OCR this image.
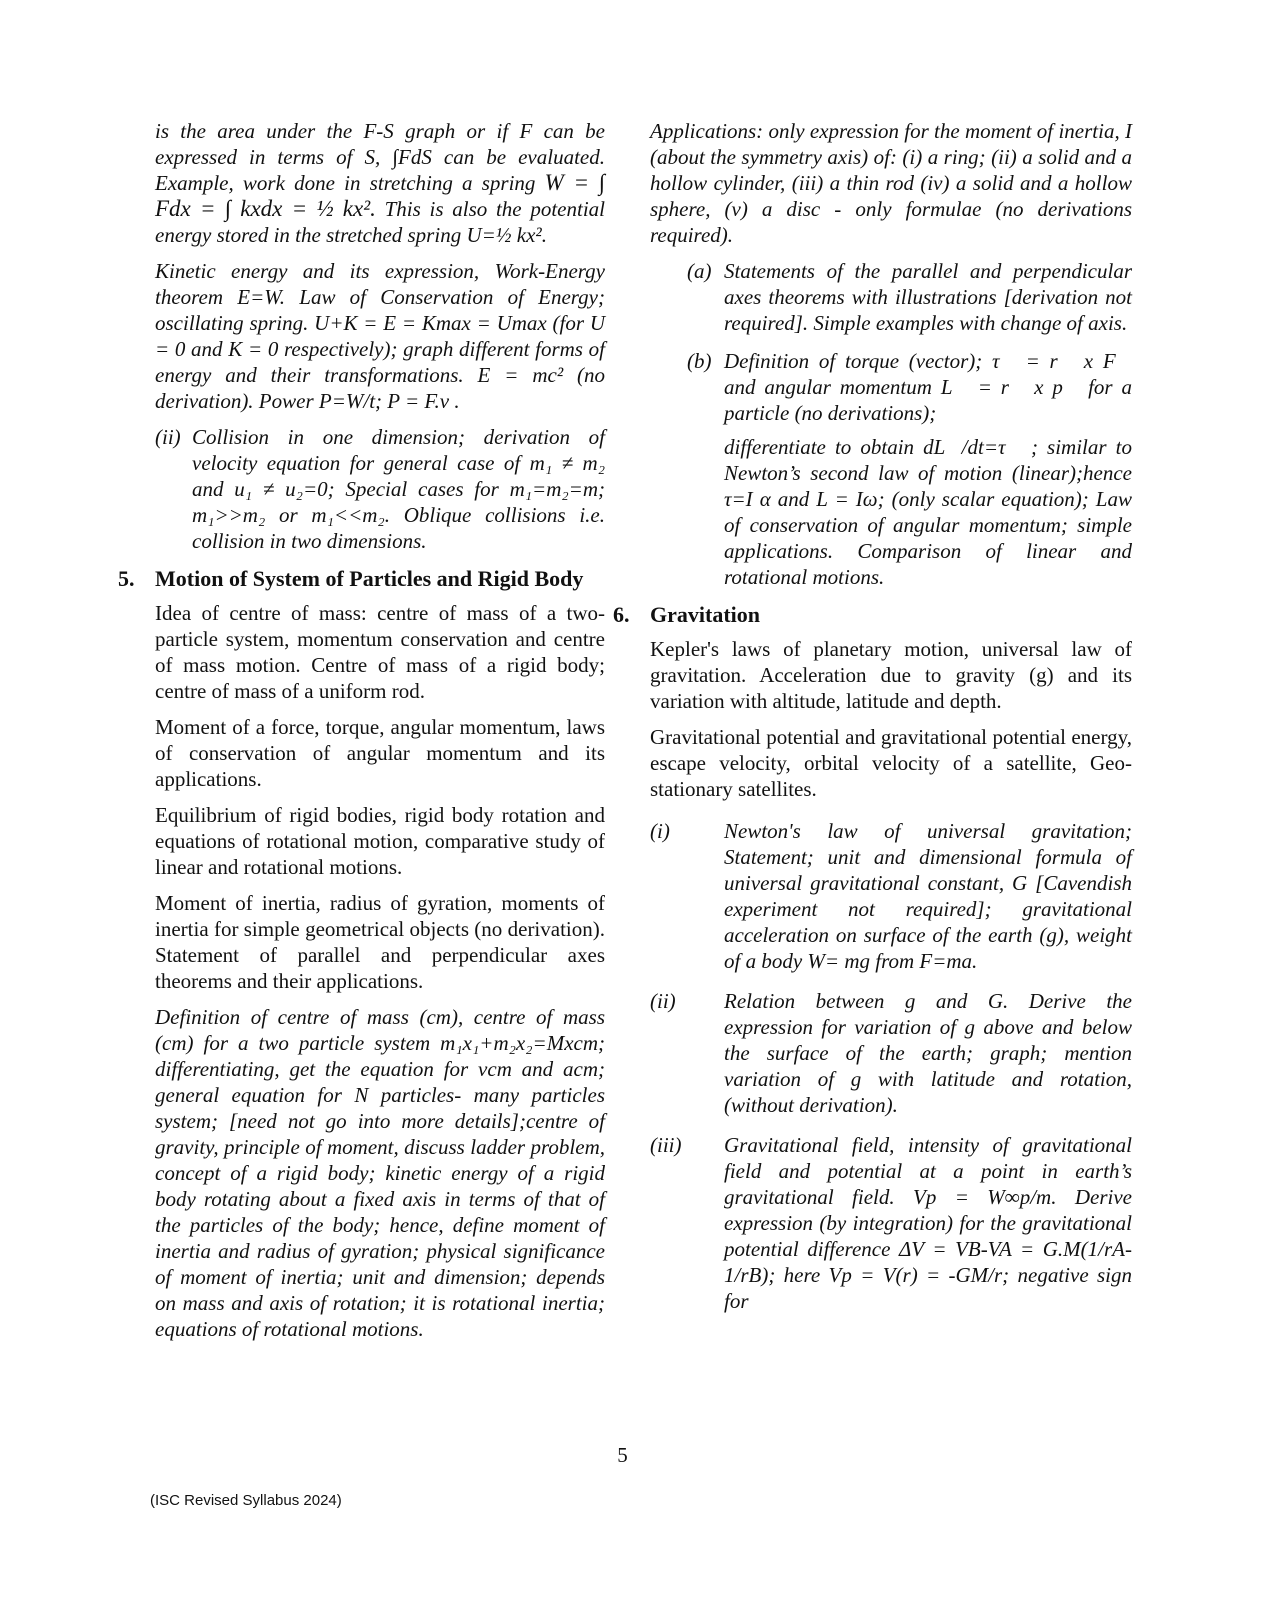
is the area under the F-S graph or if F can be expressed in terms of S, ∫FdS can be evaluated. Example, work done in stretching a spring W = ∫ Fdx = ∫ kxdx = ½ kx². This is also the potential energy stored in the stretched spring U=½ kx².
Kinetic energy and its expression, Work-Energy theorem E=W. Law of Conservation of Energy; oscillating spring. U+K = E = Kmax = Umax (for U = 0 and K = 0 respectively); graph different forms of energy and their transformations. E = mc² (no derivation). Power P=W/t; P = F.v .
(ii) Collision in one dimension; derivation of velocity equation for general case of m₁ ≠ m₂ and u₁ ≠ u₂=0; Special cases for m₁=m₂=m; m₁>>m₂ or m₁<<m₂. Oblique collisions i.e. collision in two dimensions.
5. Motion of System of Particles and Rigid Body
Idea of centre of mass: centre of mass of a two-particle system, momentum conservation and centre of mass motion. Centre of mass of a rigid body; centre of mass of a uniform rod.
Moment of a force, torque, angular momentum, laws of conservation of angular momentum and its applications.
Equilibrium of rigid bodies, rigid body rotation and equations of rotational motion, comparative study of linear and rotational motions.
Moment of inertia, radius of gyration, moments of inertia for simple geometrical objects (no derivation). Statement of parallel and perpendicular axes theorems and their applications.
Definition of centre of mass (cm), centre of mass (cm) for a two particle system m₁x₁+m₂x₂=Mxcm; differentiating, get the equation for vcm and acm; general equation for N particles- many particles system; [need not go into more details];centre of gravity, principle of moment, discuss ladder problem, concept of a rigid body; kinetic energy of a rigid body rotating about a fixed axis in terms of that of the particles of the body; hence, define moment of inertia and radius of gyration; physical significance of moment of inertia; unit and dimension; depends on mass and axis of rotation; it is rotational inertia; equations of rotational motions.
Applications: only expression for the moment of inertia, I (about the symmetry axis) of: (i) a ring; (ii) a solid and a hollow cylinder, (iii) a thin rod (iv) a solid and a hollow sphere, (v) a disc - only formulae (no derivations required).
(a) Statements of the parallel and perpendicular axes theorems with illustrations [derivation not required]. Simple examples with change of axis.
(b) Definition of torque (vector); τ⃗ = r⃗ x F⃗ and angular momentum L⃗ = r⃗ x p⃗ for a particle (no derivations);
differentiate to obtain dL⃗/dt=τ⃗ ; similar to Newton’s second law of motion (linear);hence τ=I α and L = Iω; (only scalar equation); Law of conservation of angular momentum; simple applications. Comparison of linear and rotational motions.
6. Gravitation
Kepler's laws of planetary motion, universal law of gravitation. Acceleration due to gravity (g) and its variation with altitude, latitude and depth.
Gravitational potential and gravitational potential energy, escape velocity, orbital velocity of a satellite, Geo-stationary satellites.
(i)	Newton's law of universal gravitation; Statement; unit and dimensional formula of universal gravitational constant, G [Cavendish experiment not required]; gravitational acceleration on surface of the earth (g), weight of a body W= mg from F=ma.
(ii) Relation between g and G. Derive the expression for variation of g above and below the surface of the earth; graph; mention variation of g with latitude and rotation, (without derivation).
(iii) Gravitational field, intensity of gravitational field and potential at a point in earth’s gravitational field. Vp = W∞p/m. Derive expression (by integration) for the gravitational potential difference ΔV = VB-VA = G.M(1/rA-1/rB); here Vp = V(r) = -GM/r; negative sign for
5
(ISC Revised Syllabus 2024)
